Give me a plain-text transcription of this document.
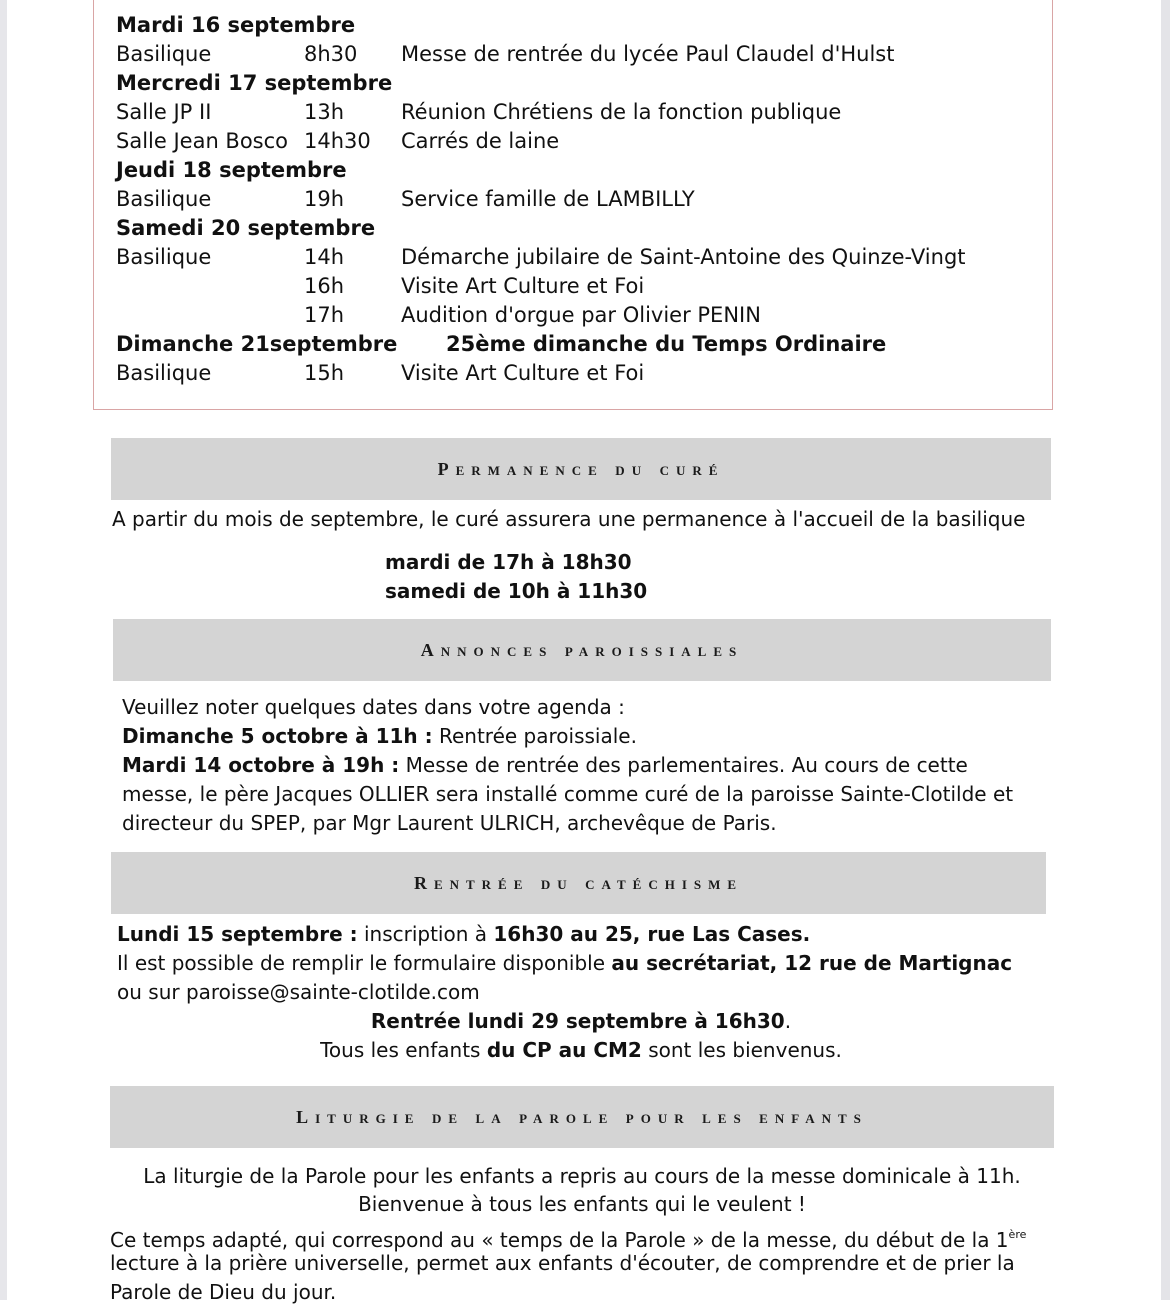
Mardi 16 septembre
Basilique	8h30 Messe de rentrée du lycée Paul Claudel d'Hulst
Mercredi 17 septembre
Salle JP II	13h	Réunion Chrétiens de la fonction publique
Salle Jean Bosco 14h30 Carrés de laine
Jeudi 18 septembre
Basilique	19h	Service famille de LAMBILLY
Samedi 20 septembre
Basilique	14h	Démarche jubilaire de Saint-Antoine des Quinze-Vingt
16h	Visite Art Culture et Foi
17h	Audition d'orgue par Olivier PENIN
Dimanche 21septembre 25ème dimanche du Temps Ordinaire
Basilique	15h	Visite Art Culture et Foi
Permanence du curé
A partir du mois de septembre, le curé assurera une permanence à l'accueil de la basilique
mardi de 17h à 18h30
samedi de 10h à 11h30
Annonces paroissiales
Veuillez noter quelques dates dans votre agenda :
Dimanche 5 octobre à 11h : Rentrée paroissiale.
Mardi 14 octobre à 19h : Messe de rentrée des parlementaires. Au cours de cette
messe, le père Jacques OLLIER sera installé comme curé de la paroisse Sainte-Clotilde et
directeur du SPEP, par Mgr Laurent ULRICH, archevêque de Paris.
Rentrée du catéchisme
Lundi 15 septembre : inscription à 16h30 au 25, rue Las Cases.
Il est possible de remplir le formulaire disponible au secrétariat, 12 rue de Martignac
ou sur paroisse@sainte-clotilde.com
Rentrée lundi 29 septembre à 16h30.
Tous les enfants du CP au CM2 sont les bienvenus.
Liturgie de la parole pour les enfants
La liturgie de la Parole pour les enfants a repris au cours de la messe dominicale à 11h.
Bienvenue à tous les enfants qui le veulent !
Ce temps adapté, qui correspond au « temps de la Parole » de la messe, du début de la 1ère
lecture à la prière universelle, permet aux enfants d'écouter, de comprendre et de prier la
Parole de Dieu du jour.
